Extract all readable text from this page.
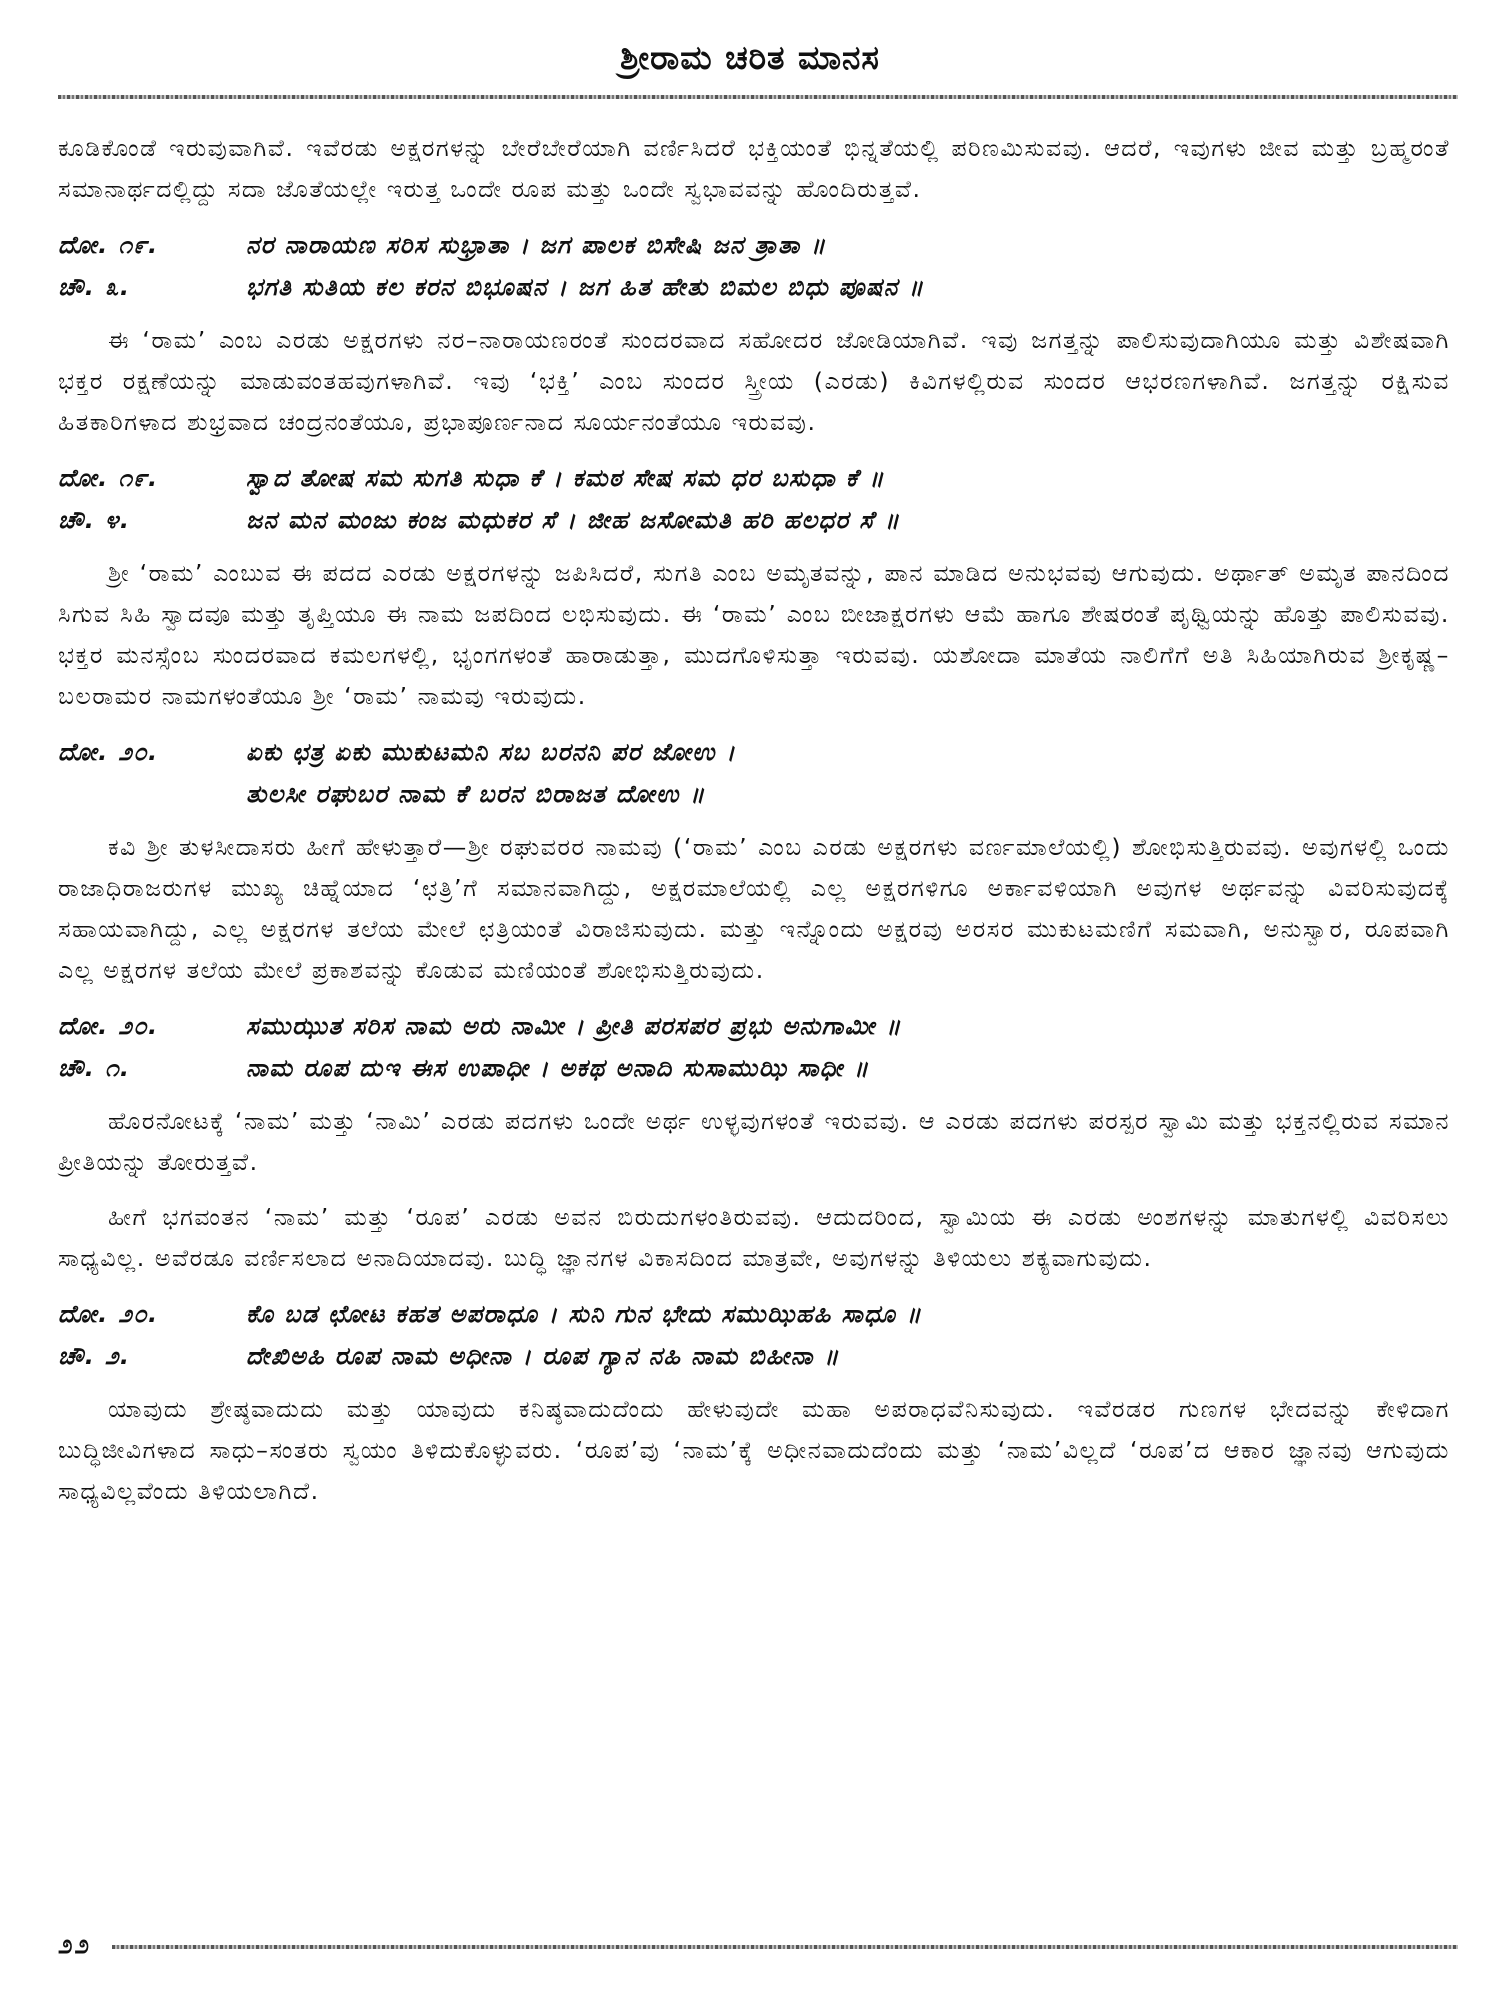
ಶ್ರೀರಾಮ ಚರಿತ ಮಾನಸ

ಕೂಡಿಕೊಂಡೆ ಇರುವುವಾಗಿವೆ. ಇವೆರಡು ಅಕ್ಷರಗಳನ್ನು ಬೇರೆಬೇರೆಯಾಗಿ ವರ್ಣಿಸಿದರೆ ಭಕ್ತಿಯಂತೆ ಭಿನ್ನತೆಯಲ್ಲಿ ಪರಿಣಮಿಸುವವು. ಆದರೆ, ಇವುಗಳು ಜೀವ ಮತ್ತು ಬ್ರಹ್ಮರಂತೆ ಸಮಾನಾರ್ಥದಲ್ಲಿದ್ದು ಸದಾ ಜೊತೆಯಲ್ಲೇ ಇರುತ್ತ ಒಂದೇ ರೂಪ ಮತ್ತು ಒಂದೇ ಸ್ವಭಾವವನ್ನು ಹೊಂದಿರುತ್ತವೆ.

ದೋ. ೧೯.	ನರ ನಾರಾಯಣ ಸರಿಸ ಸುಭ್ರಾತಾ । ಜಗ ಪಾಲಕ ಬಿಸೇಷಿ ಜನ ತ್ರಾತಾ ॥
ಚೌ. ೩.	ಭಗತಿ ಸುತಿಯ ಕಲ ಕರನ ಬಿಭೂಷನ । ಜಗ ಹಿತ ಹೇತು ಬಿಮಲ ಬಿಧು ಪೂಷನ ॥

ಈ ‘ರಾಮ’ ಎಂಬ ಎರಡು ಅಕ್ಷರಗಳು ನರ–ನಾರಾಯಣರಂತೆ ಸುಂದರವಾದ ಸಹೋದರ ಜೋಡಿಯಾಗಿವೆ. ಇವು ಜಗತ್ತನ್ನು ಪಾಲಿಸುವುದಾಗಿಯೂ ಮತ್ತು ವಿಶೇಷವಾಗಿ ಭಕ್ತರ ರಕ್ಷಣೆಯನ್ನು ಮಾಡುವಂತಹವುಗಳಾಗಿವೆ. ಇವು ‘ಭಕ್ತಿ’ ಎಂಬ ಸುಂದರ ಸ್ತ್ರೀಯ (ಎರಡು) ಕಿವಿಗಳಲ್ಲಿರುವ ಸುಂದರ ಆಭರಣಗಳಾಗಿವೆ. ಜಗತ್ತನ್ನು ರಕ್ಷಿಸುವ ಹಿತಕಾರಿಗಳಾದ ಶುಭ್ರವಾದ ಚಂದ್ರನಂತೆಯೂ, ಪ್ರಭಾಪೂರ್ಣನಾದ ಸೂರ್ಯನಂತೆಯೂ ಇರುವವು.

ದೋ. ೧೯.	ಸ್ವಾದ ತೋಷ ಸಮ ಸುಗತಿ ಸುಧಾ ಕೆ । ಕಮಠ ಸೇಷ ಸಮ ಧರ ಬಸುಧಾ ಕೆ ॥
ಚೌ. ೪.	ಜನ ಮನ ಮಂಜು ಕಂಜ ಮಧುಕರ ಸೆ । ಜೀಹ ಜಸೋಮತಿ ಹರಿ ಹಲಧರ ಸೆ ॥

ಶ್ರೀ ‘ರಾಮ’ ಎಂಬುವ ಈ ಪದದ ಎರಡು ಅಕ್ಷರಗಳನ್ನು ಜಪಿಸಿದರೆ, ಸುಗತಿ ಎಂಬ ಅಮೃತವನ್ನು, ಪಾನ ಮಾಡಿದ ಅನುಭವವು ಆಗುವುದು. ಅರ್ಥಾತ್ ಅಮೃತ ಪಾನದಿಂದ ಸಿಗುವ ಸಿಹಿ ಸ್ವಾದವೂ ಮತ್ತು ತೃಪ್ತಿಯೂ ಈ ನಾಮ ಜಪದಿಂದ ಲಭಿಸುವುದು. ಈ ‘ರಾಮ’ ಎಂಬ ಬೀಜಾಕ್ಷರಗಳು ಆಮೆ ಹಾಗೂ ಶೇಷರಂತೆ ಪೃಥ್ವಿಯನ್ನು ಹೊತ್ತು ಪಾಲಿಸುವವು. ಭಕ್ತರ ಮನಸ್ಸೆಂಬ ಸುಂದರವಾದ ಕಮಲಗಳಲ್ಲಿ, ಭೃಂಗಗಳಂತೆ ಹಾರಾಡುತ್ತಾ, ಮುದಗೊಳಿಸುತ್ತಾ ಇರುವವು. ಯಶೋದಾ ಮಾತೆಯ ನಾಲಿಗೆಗೆ ಅತಿ ಸಿಹಿಯಾಗಿರುವ ಶ್ರೀಕೃಷ್ಣ–ಬಲರಾಮರ ನಾಮಗಳಂತೆಯೂ ಶ್ರೀ ‘ರಾಮ’ ನಾಮವು ಇರುವುದು.

ದೋ. ೨೦.	ಏಕು ಛತ್ರ ಏಕು ಮುಕುಟಮನಿ ಸಬ ಬರನನಿ ಪರ ಜೋಉ ।
ತುಲಸೀ ರಘುಬರ ನಾಮ ಕೆ ಬರನ ಬಿರಾಜತ ದೋಉ ॥

ಕವಿ ಶ್ರೀ ತುಳಸೀದಾಸರು ಹೀಗೆ ಹೇಳುತ್ತಾರೆ—ಶ್ರೀ ರಘುವರರ ನಾಮವು (‘ರಾಮ’ ಎಂಬ ಎರಡು ಅಕ್ಷರಗಳು ವರ್ಣಮಾಲೆಯಲ್ಲಿ) ಶೋಭಿಸುತ್ತಿರುವವು. ಅವುಗಳಲ್ಲಿ ಒಂದು ರಾಜಾಧಿರಾಜರುಗಳ ಮುಖ್ಯ ಚಿಹ್ನೆಯಾದ ‘ಛತ್ರಿ’ಗೆ ಸಮಾನವಾಗಿದ್ದು, ಅಕ್ಷರಮಾಲೆಯಲ್ಲಿ ಎಲ್ಲ ಅಕ್ಷರಗಳಿಗೂ ಅರ್ಕಾವಳಿಯಾಗಿ ಅವುಗಳ ಅರ್ಥವನ್ನು ವಿವರಿಸುವುದಕ್ಕೆ ಸಹಾಯವಾಗಿದ್ದು, ಎಲ್ಲ ಅಕ್ಷರಗಳ ತಲೆಯ ಮೇಲೆ ಛತ್ರಿಯಂತೆ ವಿರಾಜಿಸುವುದು. ಮತ್ತು ಇನ್ನೊಂದು ಅಕ್ಷರವು ಅರಸರ ಮುಕುಟಮಣಿಗೆ ಸಮವಾಗಿ, ಅನುಸ್ವಾರ, ರೂಪವಾಗಿ ಎಲ್ಲ ಅಕ್ಷರಗಳ ತಲೆಯ ಮೇಲೆ ಪ್ರಕಾಶವನ್ನು ಕೊಡುವ ಮಣಿಯಂತೆ ಶೋಭಿಸುತ್ತಿರುವುದು.

ದೋ. ೨೦.	ಸಮುಝುತ ಸರಿಸ ನಾಮ ಅರು ನಾಮೀ । ಪ್ರೀತಿ ಪರಸಪರ ಪ್ರಭು ಅನುಗಾಮೀ ॥
ಚೌ. ೧.	ನಾಮ ರೂಪ ದುಇ ಈಸ ಉಪಾಧೀ । ಅಕಥ ಅನಾದಿ ಸುಸಾಮುಝಿ ಸಾಧೀ ॥

ಹೊರನೋಟಕ್ಕೆ ‘ನಾಮ’ ಮತ್ತು ‘ನಾಮಿ’ ಎರಡು ಪದಗಳು ಒಂದೇ ಅರ್ಥ ಉಳ್ಳವುಗಳಂತೆ ಇರುವವು. ಆ ಎರಡು ಪದಗಳು ಪರಸ್ಪರ ಸ್ವಾಮಿ ಮತ್ತು ಭಕ್ತನಲ್ಲಿರುವ ಸಮಾನ ಪ್ರೀತಿಯನ್ನು ತೋರುತ್ತವೆ.

ಹೀಗೆ ಭಗವಂತನ ‘ನಾಮ’ ಮತ್ತು ‘ರೂಪ’ ಎರಡು ಅವನ ಬಿರುದುಗಳಂತಿರುವವು. ಆದುದರಿಂದ, ಸ್ವಾಮಿಯ ಈ ಎರಡು ಅಂಶಗಳನ್ನು ಮಾತುಗಳಲ್ಲಿ ವಿವರಿಸಲು ಸಾಧ್ಯವಿಲ್ಲ. ಅವೆರಡೂ ವರ್ಣಿಸಲಾದ ಅನಾದಿಯಾದವು. ಬುದ್ಧಿ ಜ್ಞಾನಗಳ ವಿಕಾಸದಿಂದ ಮಾತ್ರವೇ, ಅವುಗಳನ್ನು ತಿಳಿಯಲು ಶಕ್ಯವಾಗುವುದು.

ದೋ. ೨೦.	ಕೊ ಬಡ ಛೋಟ ಕಹತ ಅಪರಾಧೂ । ಸುನಿ ಗುನ ಭೇದು ಸಮುಝಿಹಹಿ ಸಾಧೂ ॥
ಚೌ. ೨.	ದೇಖಿಅಹಿ ರೂಪ ನಾಮ ಅಧೀನಾ । ರೂಪ ಗ್ಯಾನ ನಹಿ ನಾಮ ಬಿಹೀನಾ ॥

ಯಾವುದು ಶ್ರೇಷ್ಠವಾದುದು ಮತ್ತು ಯಾವುದು ಕನಿಷ್ಠವಾದುದೆಂದು ಹೇಳುವುದೇ ಮಹಾ ಅಪರಾಧವೆನಿಸುವುದು. ಇವೆರಡರ ಗುಣಗಳ ಭೇದವನ್ನು ಕೇಳಿದಾಗ ಬುದ್ಧಿಜೀವಿಗಳಾದ ಸಾಧು–ಸಂತರು ಸ್ವಯಂ ತಿಳಿದುಕೊಳ್ಳುವರು. ‘ರೂಪ’ವು ‘ನಾಮ’ಕ್ಕೆ ಅಧೀನವಾದುದೆಂದು ಮತ್ತು ‘ನಾಮ’ವಿಲ್ಲದೆ ‘ರೂಪ’ದ ಆಕಾರ ಜ್ಞಾನವು ಆಗುವುದು ಸಾಧ್ಯವಿಲ್ಲವೆಂದು ತಿಳಿಯಲಾಗಿದೆ.

೨೨
